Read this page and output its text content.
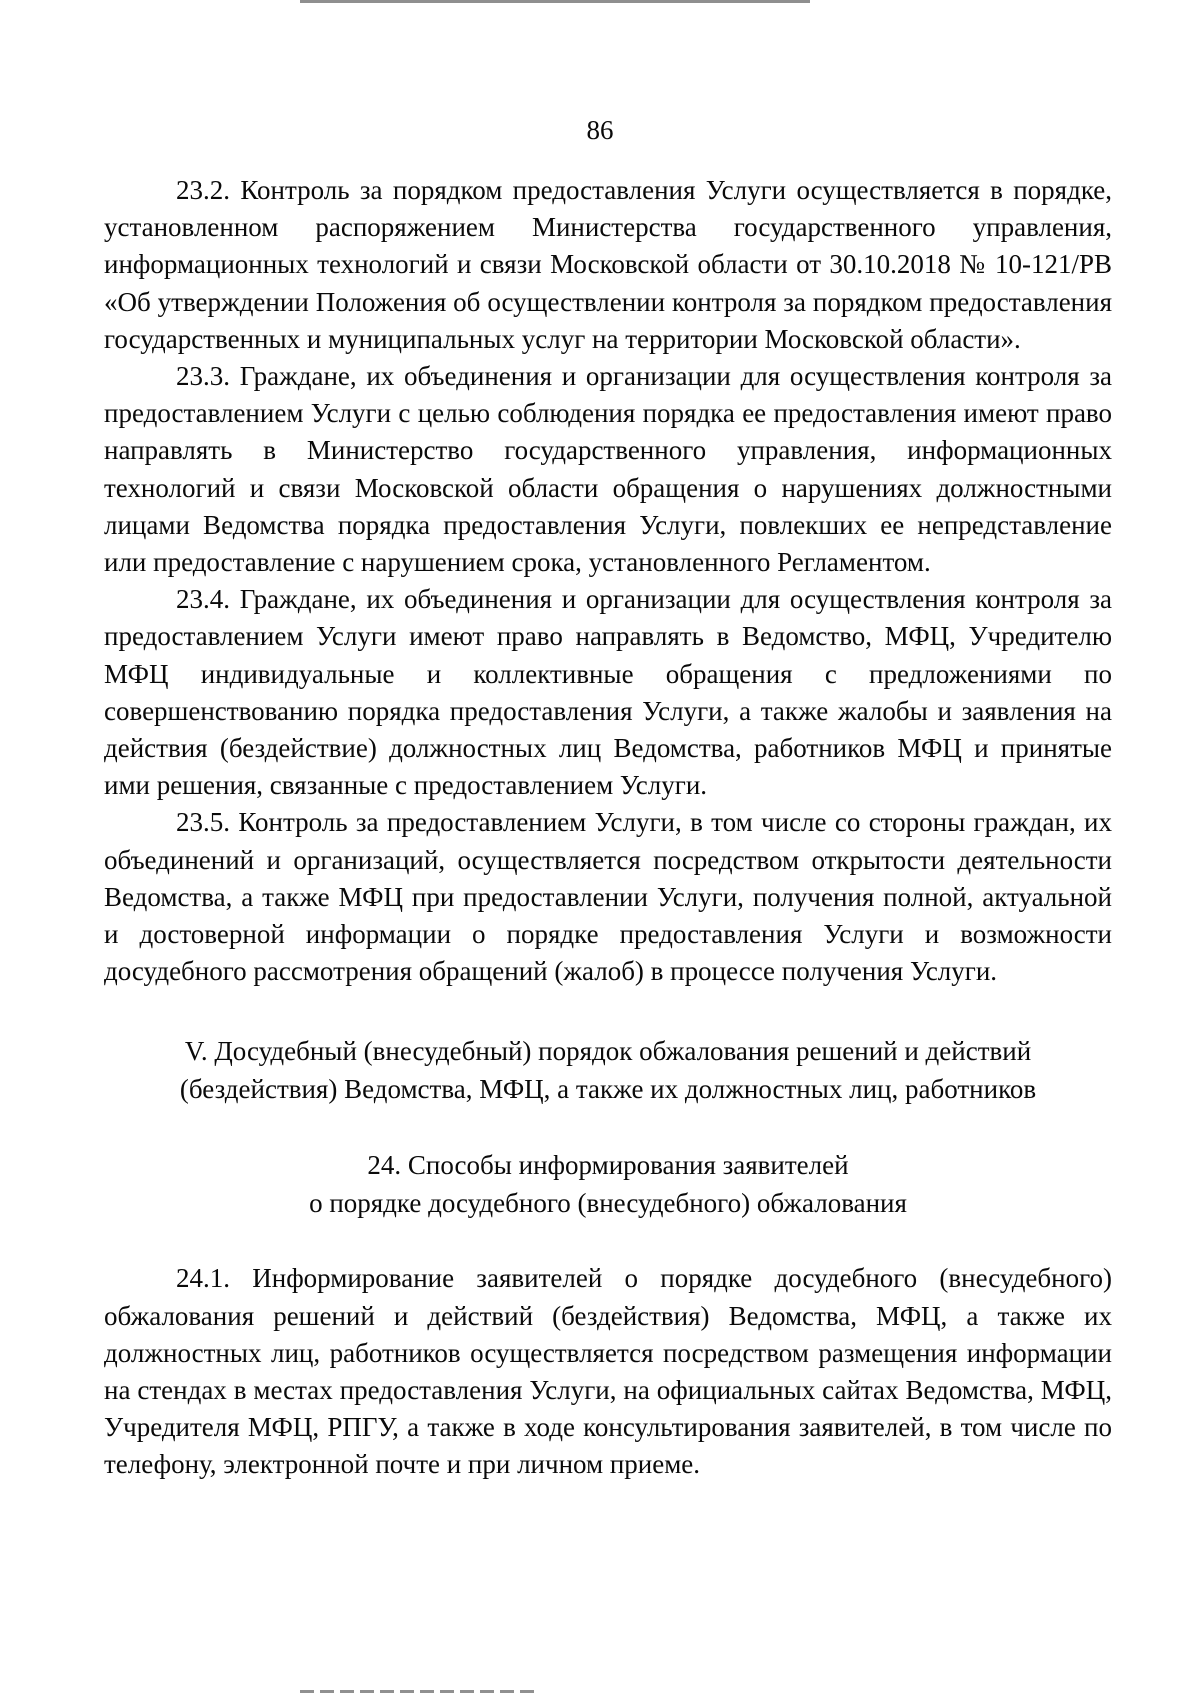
86

23.2. Контроль за порядком предоставления Услуги осуществляется в порядке, установленном распоряжением Министерства государственного управления, информационных технологий и связи Московской области от 30.10.2018 № 10-121/РВ «Об утверждении Положения об осуществлении контроля за порядком предоставления государственных и муниципальных услуг на территории Московской области».

23.3. Граждане, их объединения и организации для осуществления контроля за предоставлением Услуги с целью соблюдения порядка ее предоставления имеют право направлять в Министерство государственного управления, информационных технологий и связи Московской области обращения о нарушениях должностными лицами Ведомства порядка предоставления Услуги, повлекших ее непредставление или предоставление с нарушением срока, установленного Регламентом.

23.4. Граждане, их объединения и организации для осуществления контроля за предоставлением Услуги имеют право направлять в Ведомство, МФЦ, Учредителю МФЦ индивидуальные и коллективные обращения с предложениями по совершенствованию порядка предоставления Услуги, а также жалобы и заявления на действия (бездействие) должностных лиц Ведомства, работников МФЦ и принятые ими решения, связанные с предоставлением Услуги.

23.5. Контроль за предоставлением Услуги, в том числе со стороны граждан, их объединений и организаций, осуществляется посредством открытости деятельности Ведомства, а также МФЦ при предоставлении Услуги, получения полной, актуальной и достоверной информации о порядке предоставления Услуги и возможности досудебного рассмотрения обращений (жалоб) в процессе получения Услуги.

V. Досудебный (внесудебный) порядок обжалования решений и действий
(бездействия) Ведомства, МФЦ, а также их должностных лиц, работников
24. Способы информирования заявителей
о порядке досудебного (внесудебного) обжалования

24.1. Информирование заявителей о порядке досудебного (внесудебного) обжалования решений и действий (бездействия) Ведомства, МФЦ, а также их должностных лиц, работников осуществляется посредством размещения информации на стендах в местах предоставления Услуги, на официальных сайтах Ведомства, МФЦ, Учредителя МФЦ, РПГУ, а также в ходе консультирования заявителей, в том числе по телефону, электронной почте и при личном приеме.
